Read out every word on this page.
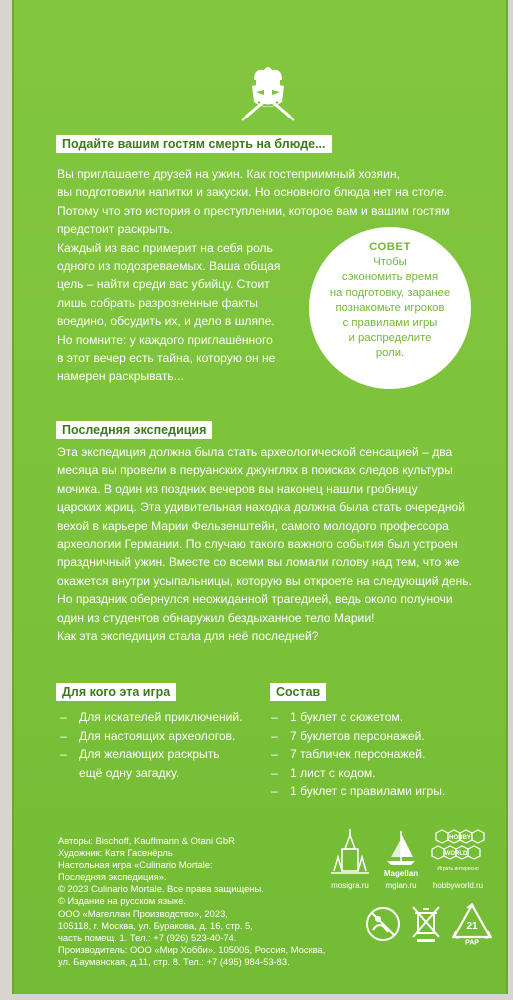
Подайте вашим гостям смерть на блюде...
Вы приглашаете друзей на ужин. Как гостеприимный хозяин,
вы подготовили напитки и закуски. Но основного блюда нет на столе.
Потому что это история о преступлении, которое вам и вашим гостям
предстоит раскрыть.
Каждый из вас примерит на себя роль
одного из подозреваемых. Ваша общая
цель – найти среди вас убийцу. Стоит
лишь собрать разрозненные факты
воедино, обсудить их, и дело в шляпе.
Но помните: у каждого приглашённого
в этот вечер есть тайна, которую он не
намерен раскрывать...
СОВЕТ
Чтобы
сэкономить время
на подготовку, заранее
познакомьте игроков
с правилами игры
и распределите
роли.
Последняя экспедиция
Эта экспедиция должна была стать археологической сенсацией – два
месяца вы провели в перуанских джунглях в поисках следов культуры
мочика. В один из поздних вечеров вы наконец нашли гробницу
царских жриц. Эта удивительная находка должна была стать очередной
вехой в карьере Марии Фельзенштейн, самого молодого профессора
археологии Германии. По случаю такого важного события был устроен
праздничный ужин. Вместе со всеми вы ломали голову над тем, что же
окажется внутри усыпальницы, которую вы откроете на следующий день.
Но праздник обернулся неожиданной трагедией, ведь около полуночи
один из студентов обнаружил бездыханное тело Марии!
Как эта экспедиция стала для неё последней?
Для кого эта игра
– Для искателей приключений.
– Для настоящих археологов.
– Для желающих раскрыть
ещё одну загадку.
Состав
– 1 буклет с сюжетом.
– 7 буклетов персонажей.
– 7 табличек персонажей.
– 1 лист с кодом.
– 1 буклет с правилами игры.
Авторы: Bischoff, Kauffmann & Otani GbR
Художник: Катя Гасенёрль
Настольная игра «Culinario Mortale:
Последняя экспедиция».
© 2023 Culinario Mortale. Все права защищены.
© Издание на русском языке.
ООО «Магеллан Производство», 2023,
105118, г. Москва, ул. Буракова, д. 16, стр. 5,
часть помещ. 1. Тел.: +7 (926) 523-40-74.
Производитель: ООО «Мир Хобби». 105005, Россия, Москва,
ул. Бауманская, д.11, стр. 8. Тел.: +7 (495) 984-53-83.
mosigra.ru
Magellan
mglan.ru
HOBBY
WORLD
Играть интересно
hobbyworld.ru
21
PAP
